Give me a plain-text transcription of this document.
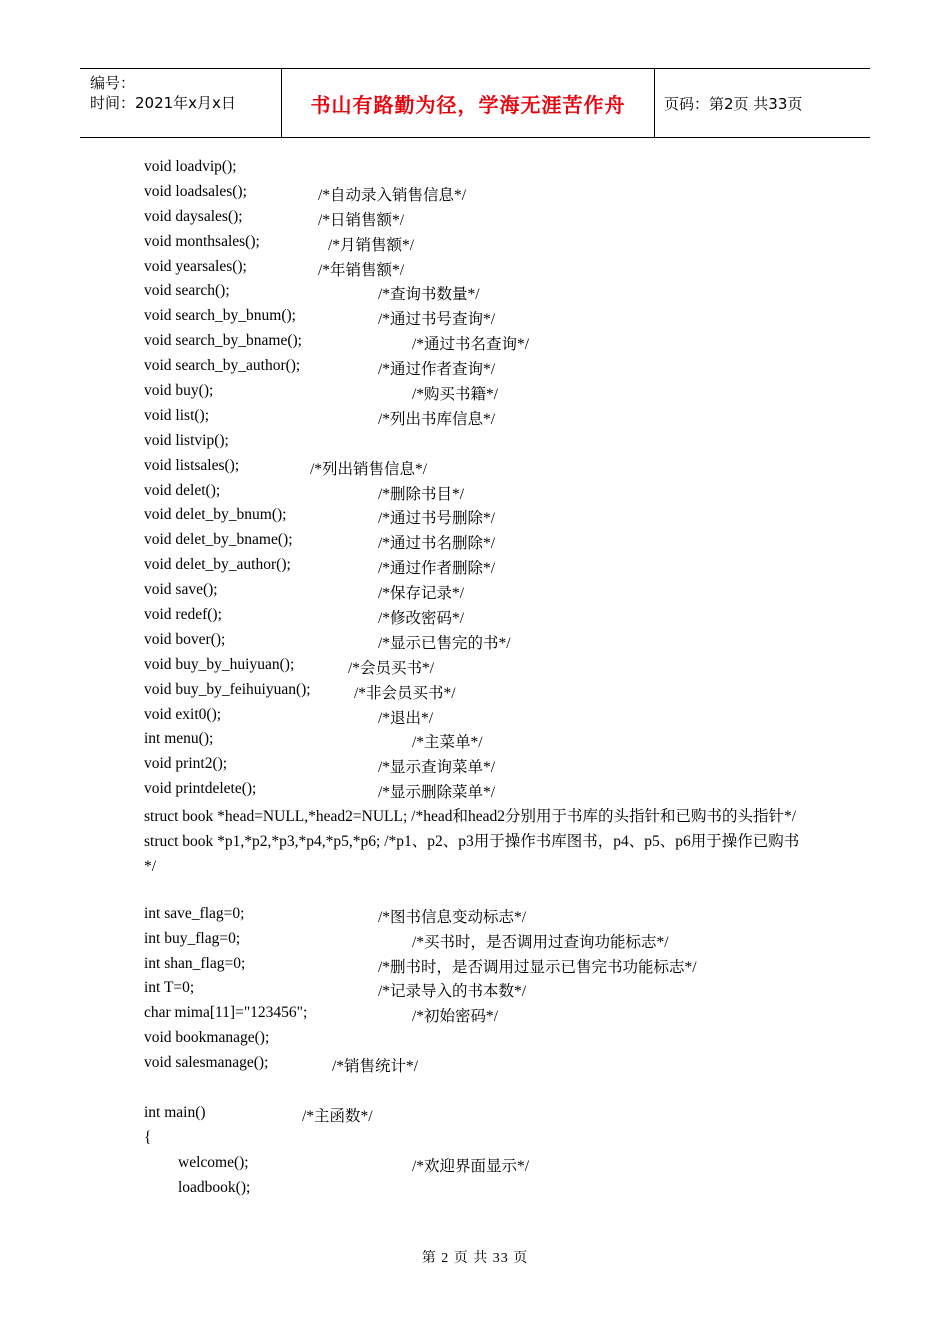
编号：
时间：2021年x月x日	书山有路勤为径，学海无涯苦作舟	页码：第2页 共33页
void loadvip();
void loadsales();	/*自动录入销售信息*/
void daysales();	/*日销售额*/
void monthsales();	/*月销售额*/
void yearsales();	/*年销售额*/
void search();	/*查询书数量*/
void search_by_bnum();	/*通过书号查询*/
void search_by_bname();	/*通过书名查询*/
void search_by_author();	/*通过作者查询*/
void buy();	/*购买书籍*/
void list();	/*列出书库信息*/
void listvip();
void listsales();	/*列出销售信息*/
void delet();	/*删除书目*/
void delet_by_bnum();	/*通过书号删除*/
void delet_by_bname();	/*通过书名删除*/
void delet_by_author();	/*通过作者删除*/
void save();	/*保存记录*/
void redef();	/*修改密码*/
void bover();	/*显示已售完的书*/
void buy_by_huiyuan();	/*会员买书*/
void buy_by_feihuiyuan();	/*非会员买书*/
void exit0();	/*退出*/
int menu();	/*主菜单*/
void print2();	/*显示查询菜单*/
void printdelete();	/*显示删除菜单*/

struct book *head=NULL,*head2=NULL; /*head和head2分别用于书库的头指针和已购书的头指针*/

struct book *p1,*p2,*p3,*p4,*p5,*p6; /*p1、p2、p3用于操作书库图书，p4、p5、p6用于操作已购书*/

int save_flag=0;	/*图书信息变动标志*/
int buy_flag=0;	/*买书时，是否调用过查询功能标志*/
int shan_flag=0;	/*删书时，是否调用过显示已售完书功能标志*/
int T=0;	/*记录导入的书本数*/
char mima[11]="123456";	/*初始密码*/
void bookmanage();
void salesmanage();	/*销售统计*/
int main()	/*主函数*/
{
welcome();	/*欢迎界面显示*/
loadbook();
第 2 页 共 33 页
